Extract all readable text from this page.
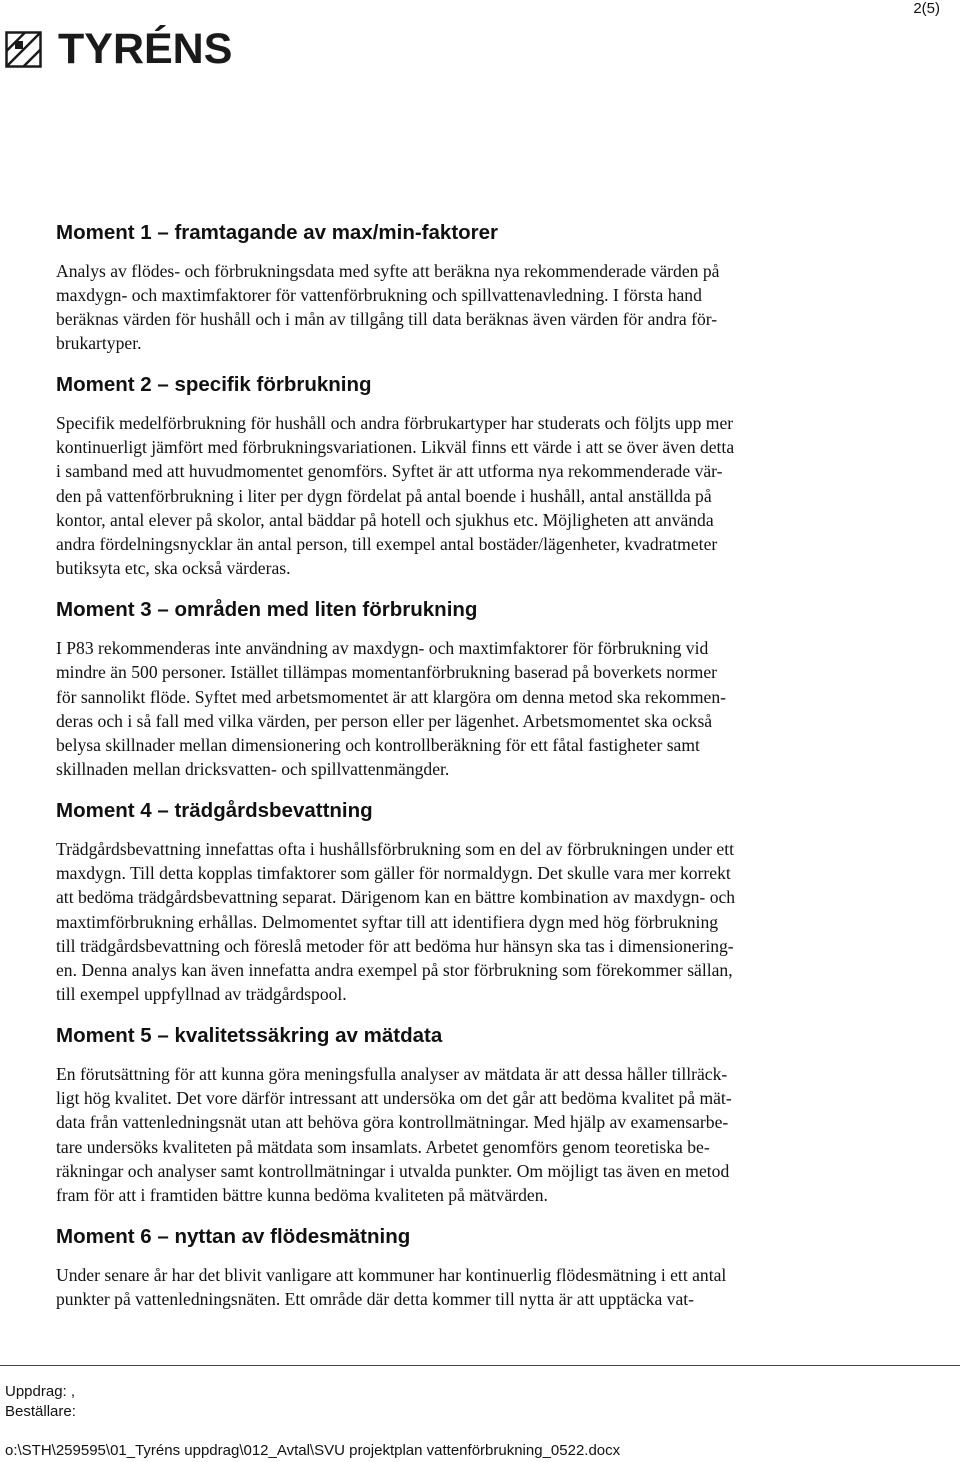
2(5)
TYRÉNS
Moment 1 – framtagande av max/min-faktorer

Analys av flödes- och förbrukningsdata med syfte att beräkna nya rekommenderade värden på
maxdygn- och maxtimfaktorer för vattenförbrukning och spillvattenavledning. I första hand
beräknas värden för hushåll och i mån av tillgång till data beräknas även värden för andra för-
brukartyper.

Moment 2 – specifik förbrukning

Specifik medelförbrukning för hushåll och andra förbrukartyper har studerats och följts upp mer
kontinuerligt jämfört med förbrukningsvariationen. Likväl finns ett värde i att se över även detta
i samband med att huvudmomentet genomförs. Syftet är att utforma nya rekommenderade vär-
den på vattenförbrukning i liter per dygn fördelat på antal boende i hushåll, antal anställda på
kontor, antal elever på skolor, antal bäddar på hotell och sjukhus etc. Möjligheten att använda
andra fördelningsnycklar än antal person, till exempel antal bostäder/lägenheter, kvadratmeter
butiksyta etc, ska också värderas.

Moment 3 – områden med liten förbrukning

I P83 rekommenderas inte användning av maxdygn- och maxtimfaktorer för förbrukning vid
mindre än 500 personer. Istället tillämpas momentanförbrukning baserad på boverkets normer
för sannolikt flöde. Syftet med arbetsmomentet är att klargöra om denna metod ska rekommen-
deras och i så fall med vilka värden, per person eller per lägenhet. Arbetsmomentet ska också
belysa skillnader mellan dimensionering och kontrollberäkning för ett fåtal fastigheter samt
skillnaden mellan dricksvatten- och spillvattenmängder.

Moment 4 – trädgårdsbevattning

Trädgårdsbevattning innefattas ofta i hushållsförbrukning som en del av förbrukningen under ett
maxdygn. Till detta kopplas timfaktorer som gäller för normaldygn. Det skulle vara mer korrekt
att bedöma trädgårdsbevattning separat. Därigenom kan en bättre kombination av maxdygn- och
maxtimförbrukning erhållas. Delmomentet syftar till att identifiera dygn med hög förbrukning
till trädgårdsbevattning och föreslå metoder för att bedöma hur hänsyn ska tas i dimensionering-
en. Denna analys kan även innefatta andra exempel på stor förbrukning som förekommer sällan,
till exempel uppfyllnad av trädgårdspool.

Moment 5 – kvalitetssäkring av mätdata

En förutsättning för att kunna göra meningsfulla analyser av mätdata är att dessa håller tillräck-
ligt hög kvalitet. Det vore därför intressant att undersöka om det går att bedöma kvalitet på mät-
data från vattenledningsnät utan att behöva göra kontrollmätningar. Med hjälp av examensarbe-
tare undersöks kvaliteten på mätdata som insamlats. Arbetet genomförs genom teoretiska be-
räkningar och analyser samt kontrollmätningar i utvalda punkter. Om möjligt tas även en metod
fram för att i framtiden bättre kunna bedöma kvaliteten på mätvärden.

Moment 6 – nyttan av flödesmätning

Under senare år har det blivit vanligare att kommuner har kontinuerlig flödesmätning i ett antal
punkter på vattenledningsnäten. Ett område där detta kommer till nytta är att upptäcka vat-

Uppdrag: ,
Beställare:
o:\STH\259595\01_Tyréns uppdrag\012_Avtal\SVU projektplan vattenförbrukning_0522.docx
